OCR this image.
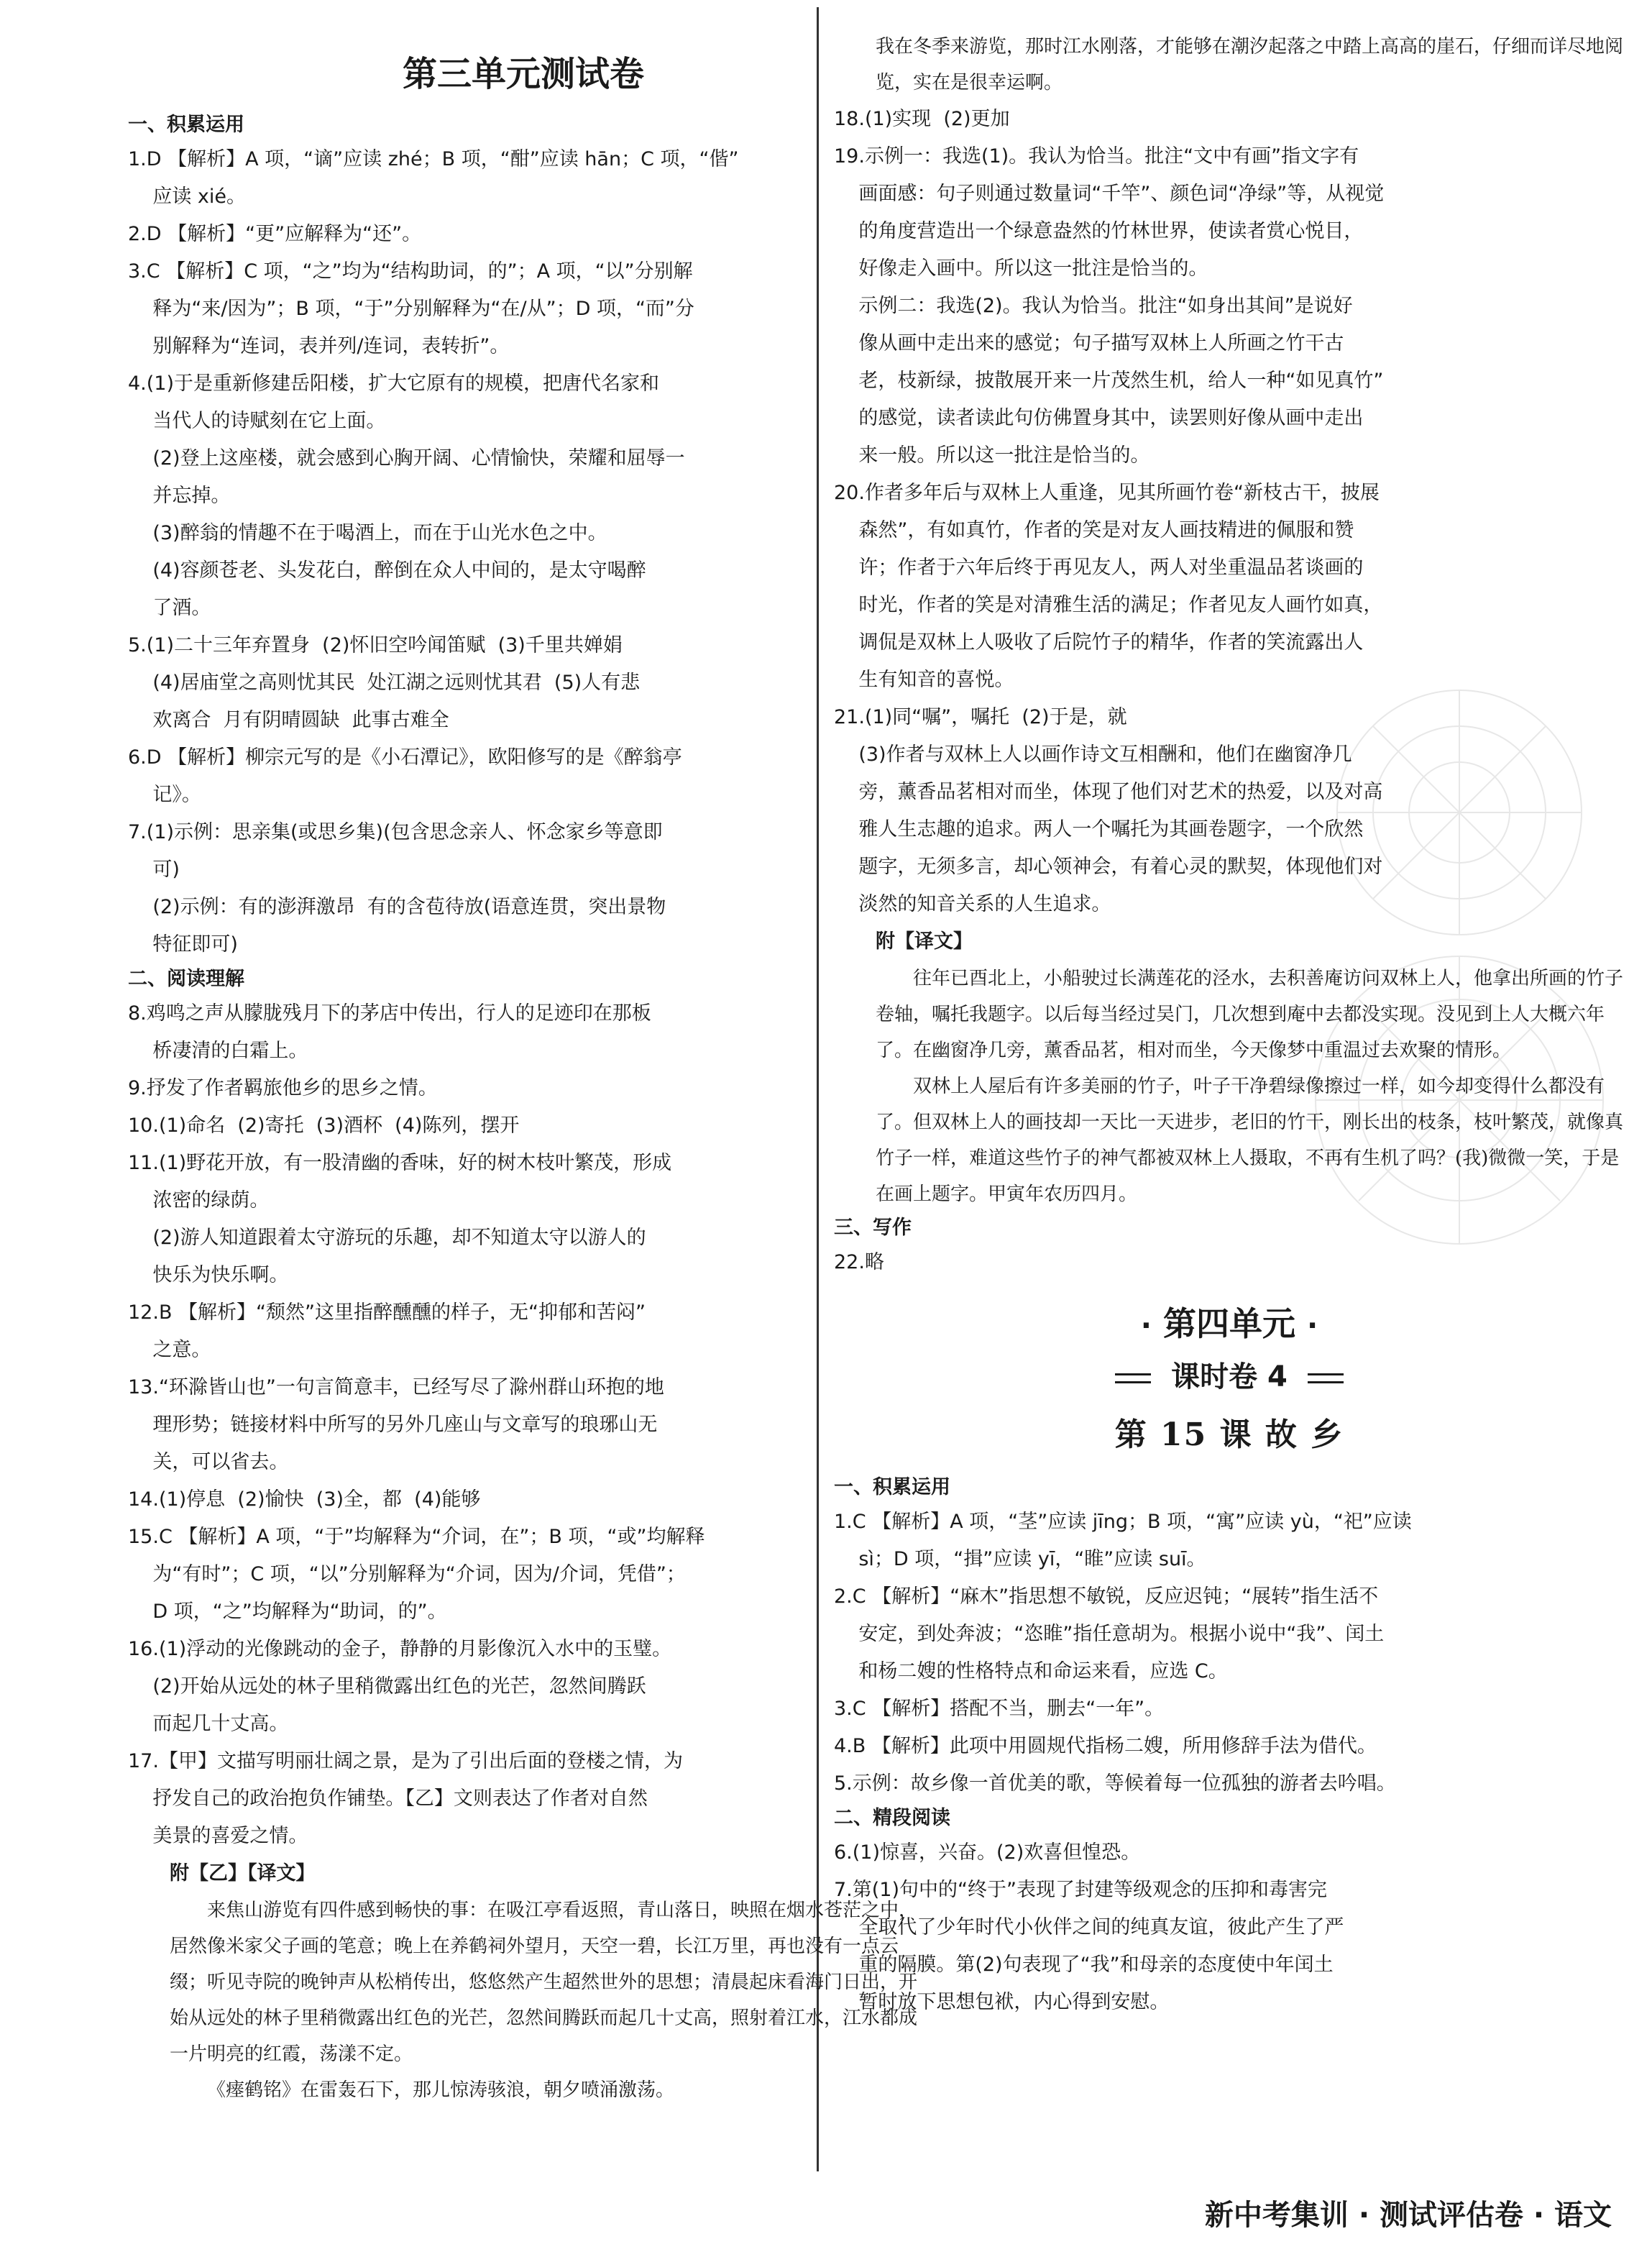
第三单元测试卷
一、积累运用
1.D 【解析】A 项，“谪”应读 zhé；B 项，“酣”应读 hān；C 项，“偕”
应读 xié。
2.D 【解析】“更”应解释为“还”。
3.C 【解析】C 项，“之”均为“结构助词，的”；A 项，“以”分别解
释为“来/因为”；B 项，“于”分别解释为“在/从”；D 项，“而”分
别解释为“连词，表并列/连词，表转折”。
4.(1)于是重新修建岳阳楼，扩大它原有的规模，把唐代名家和
当代人的诗赋刻在它上面。
(2)登上这座楼，就会感到心胸开阔、心情愉快，荣耀和屈辱一
并忘掉。
(3)醉翁的情趣不在于喝酒上，而在于山光水色之中。
(4)容颜苍老、头发花白，醉倒在众人中间的，是太守喝醉
了酒。
5.(1)二十三年弃置身  (2)怀旧空吟闻笛赋  (3)千里共婵娟
(4)居庙堂之高则忧其民  处江湖之远则忧其君  (5)人有悲
欢离合  月有阴晴圆缺  此事古难全
6.D 【解析】柳宗元写的是《小石潭记》，欧阳修写的是《醉翁亭
记》。
7.(1)示例：思亲集(或思乡集)(包含思念亲人、怀念家乡等意即
可)
(2)示例：有的澎湃激昂  有的含苞待放(语意连贯，突出景物
特征即可)
二、阅读理解
8.鸡鸣之声从朦胧残月下的茅店中传出，行人的足迹印在那板
桥凄清的白霜上。
9.抒发了作者羁旅他乡的思乡之情。
10.(1)命名  (2)寄托  (3)酒杯  (4)陈列，摆开
11.(1)野花开放，有一股清幽的香味，好的树木枝叶繁茂，形成
浓密的绿荫。
(2)游人知道跟着太守游玩的乐趣，却不知道太守以游人的
快乐为快乐啊。
12.B 【解析】“颓然”这里指醉醺醺的样子，无“抑郁和苦闷”
之意。
13.“环滁皆山也”一句言简意丰，已经写尽了滁州群山环抱的地
理形势；链接材料中所写的另外几座山与文章写的琅琊山无
关，可以省去。
14.(1)停息  (2)愉快  (3)全，都  (4)能够
15.C 【解析】A 项，“于”均解释为“介词，在”；B 项，“或”均解释
为“有时”；C 项，“以”分别解释为“介词，因为/介词，凭借”；
D 项，“之”均解释为“助词，的”。
16.(1)浮动的光像跳动的金子，静静的月影像沉入水中的玉璧。
(2)开始从远处的林子里稍微露出红色的光芒，忽然间腾跃
而起几十丈高。
17.【甲】文描写明丽壮阔之景，是为了引出后面的登楼之情，为
抒发自己的政治抱负作铺垫。【乙】文则表达了作者对自然
美景的喜爱之情。
附【乙】【译文】
来焦山游览有四件感到畅快的事：在吸江亭看返照，青山落日，映照在烟水苍茫之中，居然像米家父子画的笔意；晚上在养鹤祠外望月，天空一碧，长江万里，再也没有一点云缀；听见寺院的晚钟声从松梢传出，悠悠然产生超然世外的思想；清晨起床看海门日出，开始从远处的林子里稍微露出红色的光芒，忽然间腾跃而起几十丈高，照射着江水，江水都成一片明亮的红霞，荡漾不定。
《瘗鹤铭》在雷轰石下，那儿惊涛骇浪，朝夕喷涌激荡。
我在冬季来游览，那时江水刚落，才能够在潮汐起落之中踏上高高的崖石，仔细而详尽地阅览，实在是很幸运啊。
18.(1)实现  (2)更加
19.示例一：我选(1)。我认为恰当。批注“文中有画”指文字有
画面感：句子则通过数量词“千竿”、颜色词“净绿”等，从视觉
的角度营造出一个绿意盎然的竹林世界，使读者赏心悦目，
好像走入画中。所以这一批注是恰当的。
示例二：我选(2)。我认为恰当。批注“如身出其间”是说好
像从画中走出来的感觉；句子描写双林上人所画之竹干古
老，枝新绿，披散展开来一片茂然生机，给人一种“如见真竹”
的感觉，读者读此句仿佛置身其中，读罢则好像从画中走出
来一般。所以这一批注是恰当的。
20.作者多年后与双林上人重逢，见其所画竹卷“新枝古干，披展
森然”，有如真竹，作者的笑是对友人画技精进的佩服和赞
许；作者于六年后终于再见友人，两人对坐重温品茗谈画的
时光，作者的笑是对清雅生活的满足；作者见友人画竹如真，
调侃是双林上人吸收了后院竹子的精华，作者的笑流露出人
生有知音的喜悦。
21.(1)同“嘱”，嘱托  (2)于是，就
(3)作者与双林上人以画作诗文互相酬和，他们在幽窗净几
旁，薰香品茗相对而坐，体现了他们对艺术的热爱，以及对高
雅人生志趣的追求。两人一个嘱托为其画卷题字，一个欣然
题字，无须多言，却心领神会，有着心灵的默契，体现他们对
淡然的知音关系的人生追求。
附【译文】
往年已酉北上，小船驶过长满莲花的泾水，去积善庵访问双林上人，他拿出所画的竹子卷轴，嘱托我题字。以后每当经过吴门，几次想到庵中去都没实现。没见到上人大概六年了。在幽窗净几旁，薰香品茗，相对而坐，今天像梦中重温过去欢聚的情形。
双林上人屋后有许多美丽的竹子，叶子干净碧绿像擦过一样，如今却变得什么都没有了。但双林上人的画技却一天比一天进步，老旧的竹干，刚长出的枝条，枝叶繁茂，就像真竹子一样，难道这些竹子的神气都被双林上人摄取，不再有生机了吗？(我)微微一笑，于是在画上题字。甲寅年农历四月。
三、写作
22.略
· 第四单元 ·
课时卷 4
第 15 课 故 乡
一、积累运用
1.C 【解析】A 项，“茎”应读 jīng；B 项，“寓”应读 yù，“祀”应读
sì；D 项，“揖”应读 yī，“睢”应读 suī。
2.C 【解析】“麻木”指思想不敏锐，反应迟钝；“展转”指生活不
安定，到处奔波；“恣睢”指任意胡为。根据小说中“我”、闰土
和杨二嫂的性格特点和命运来看，应选 C。
3.C 【解析】搭配不当，删去“一年”。
4.B 【解析】此项中用圆规代指杨二嫂，所用修辞手法为借代。
5.示例：故乡像一首优美的歌，等候着每一位孤独的游者去吟唱。
二、精段阅读
6.(1)惊喜，兴奋。(2)欢喜但惶恐。
7.第(1)句中的“终于”表现了封建等级观念的压抑和毒害完
全取代了少年时代小伙伴之间的纯真友谊，彼此产生了严
重的隔膜。第(2)句表现了“我”和母亲的态度使中年闰土
暂时放下思想包袱，内心得到安慰。
新中考集训 · 测试评估卷 · 语文
